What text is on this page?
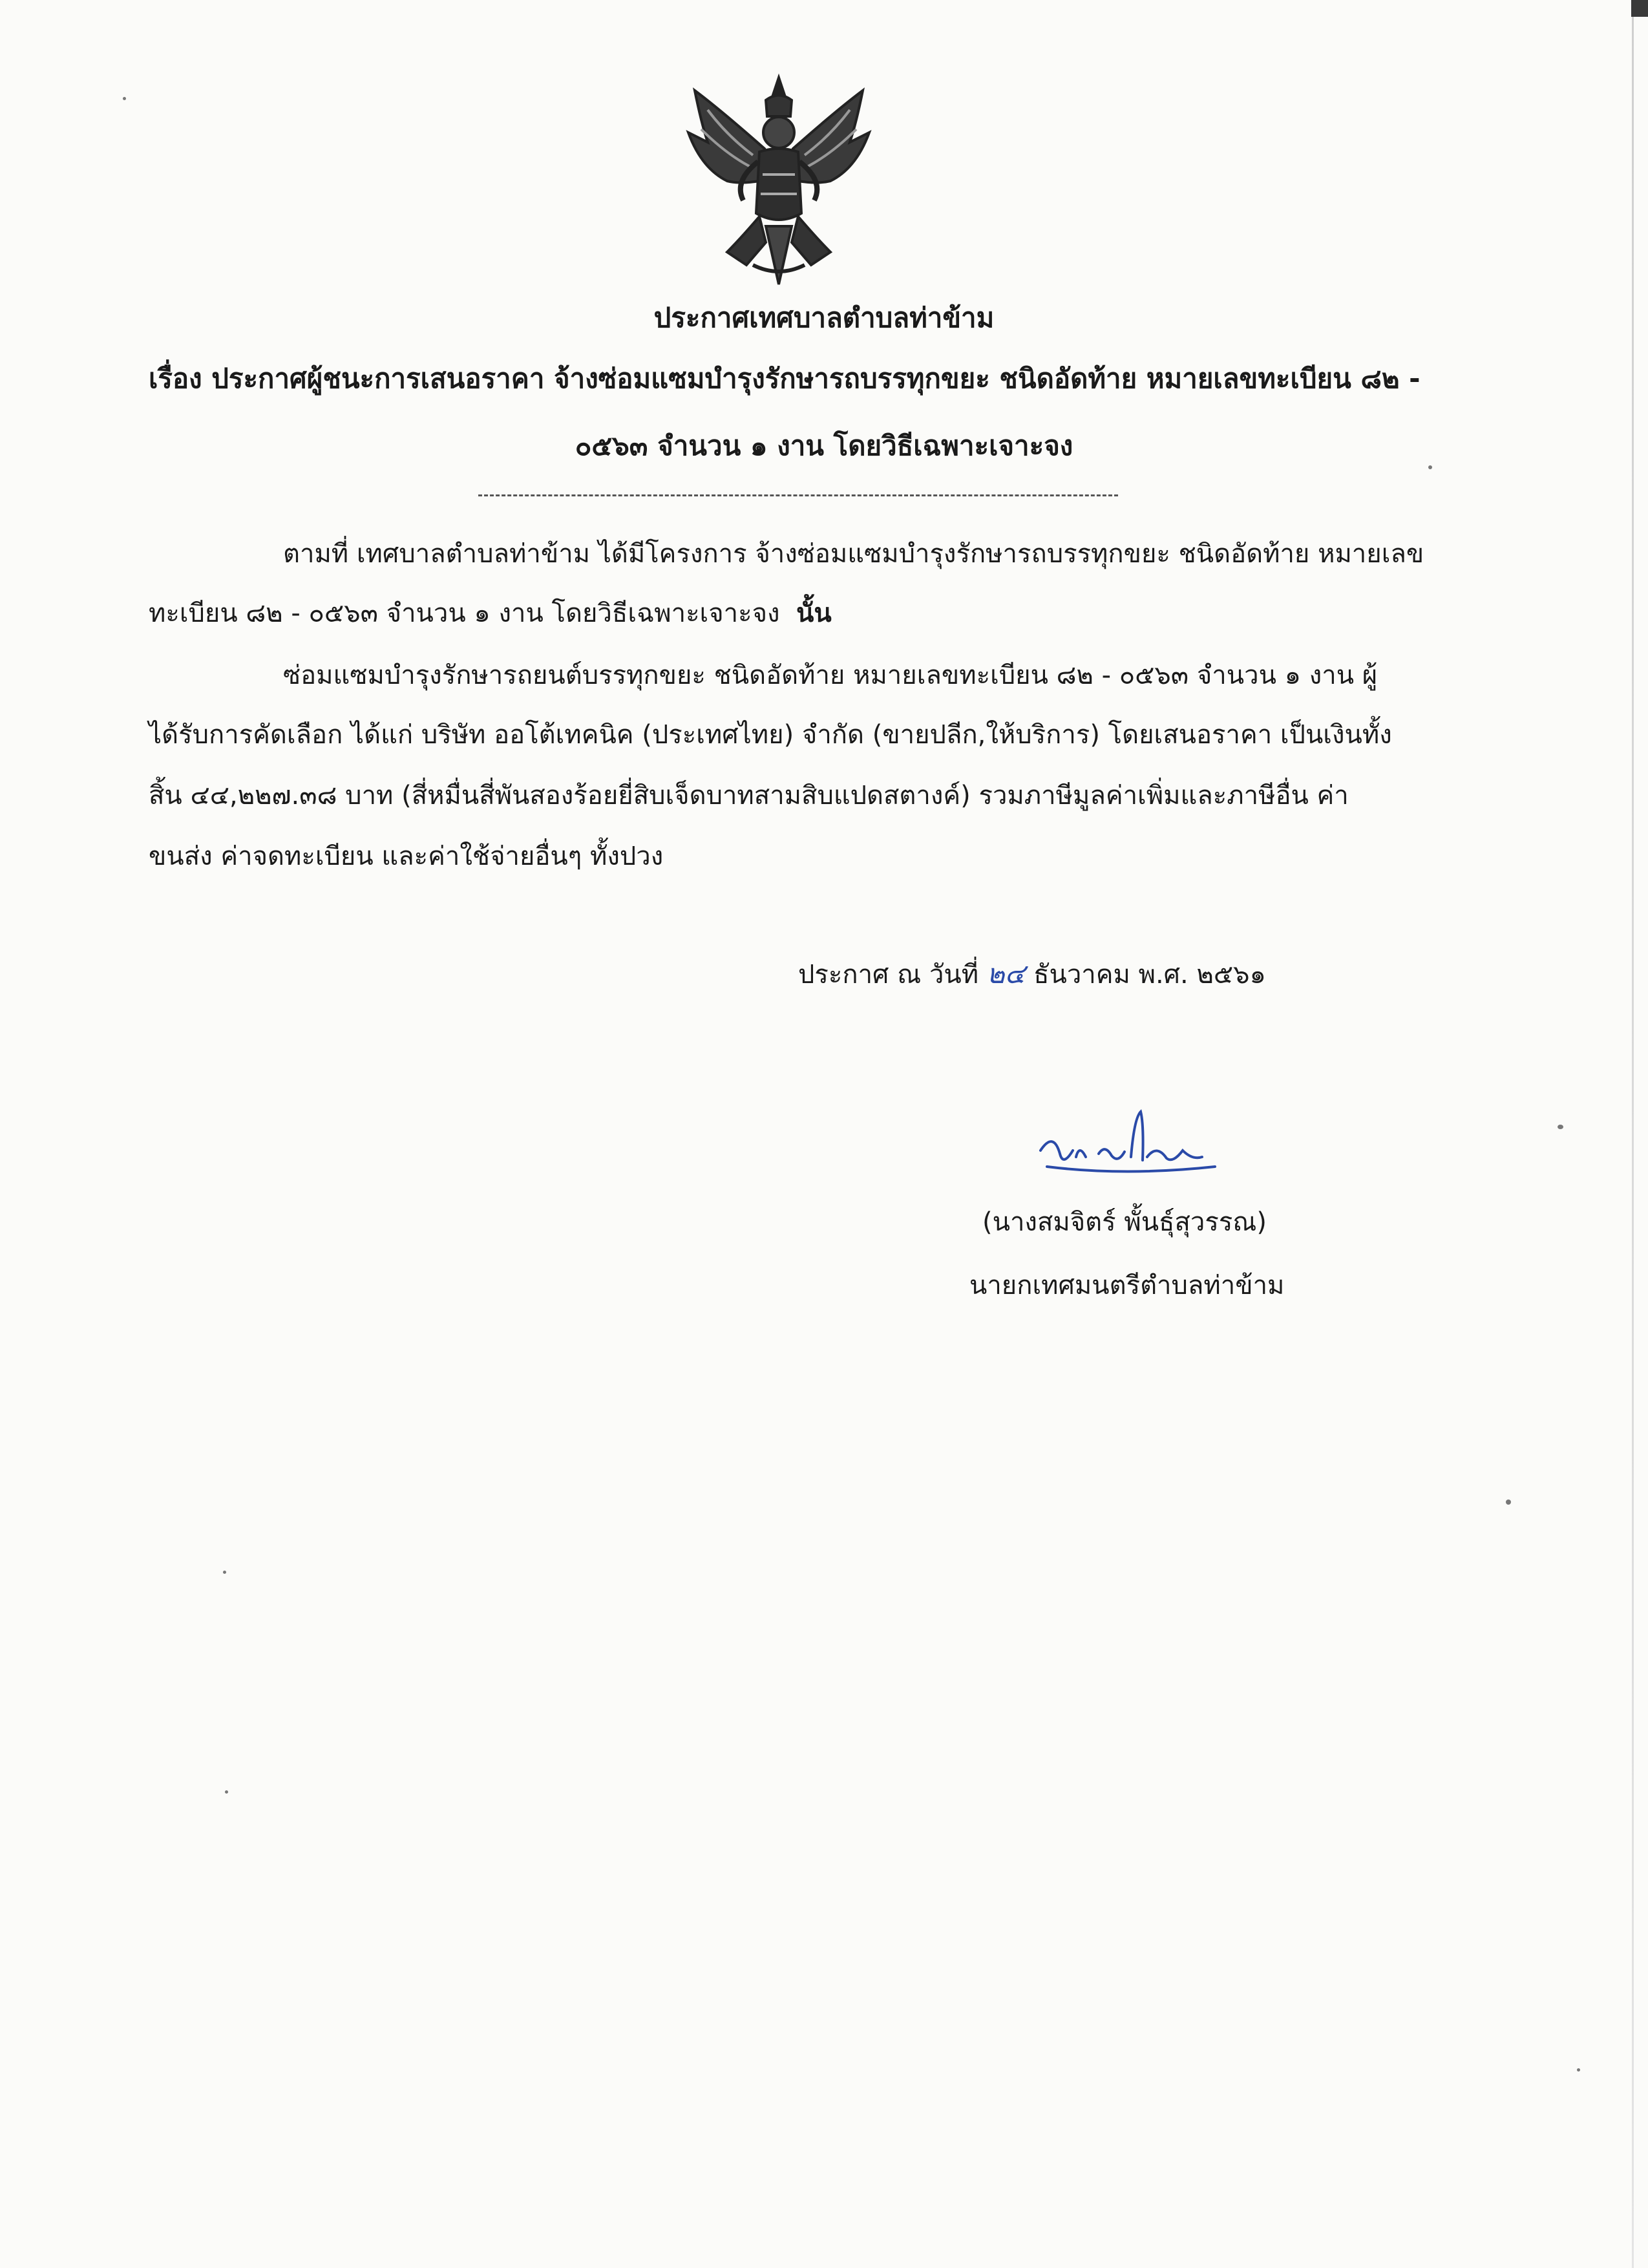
ประกาศเทศบาลตำบลท่าข้าม
เรื่อง ประกาศผู้ชนะการเสนอราคา จ้างซ่อมแซมบำรุงรักษารถบรรทุกขยะ ชนิดอัดท้าย หมายเลขทะเบียน ๘๒ -
๐๕๖๓ จำนวน ๑ งาน โดยวิธีเฉพาะเจาะจง
ตามที่ เทศบาลตำบลท่าข้าม ได้มีโครงการ จ้างซ่อมแซมบำรุงรักษารถบรรทุกขยะ ชนิดอัดท้าย หมายเลข
ทะเบียน ๘๒ - ๐๕๖๓ จำนวน ๑ งาน โดยวิธีเฉพาะเจาะจง นั้น
ซ่อมแซมบำรุงรักษารถยนต์บรรทุกขยะ ชนิดอัดท้าย หมายเลขทะเบียน ๘๒ - ๐๕๖๓ จำนวน ๑ งาน ผู้
ได้รับการคัดเลือก ได้แก่ บริษัท ออโต้เทคนิค (ประเทศไทย) จำกัด (ขายปลีก,ให้บริการ) โดยเสนอราคา เป็นเงินทั้ง
สิ้น ๔๔,๒๒๗.๓๘ บาท (สี่หมื่นสี่พันสองร้อยยี่สิบเจ็ดบาทสามสิบแปดสตางค์) รวมภาษีมูลค่าเพิ่มและภาษีอื่น ค่า
ขนส่ง ค่าจดทะเบียน และค่าใช้จ่ายอื่นๆ ทั้งปวง
ประกาศ ณ วันที่ ๒๔ ธันวาคม พ.ศ. ๒๕๖๑
(นางสมจิตร์ พั้นธุ์สุวรรณ)
นายกเทศมนตรีตำบลท่าข้าม
